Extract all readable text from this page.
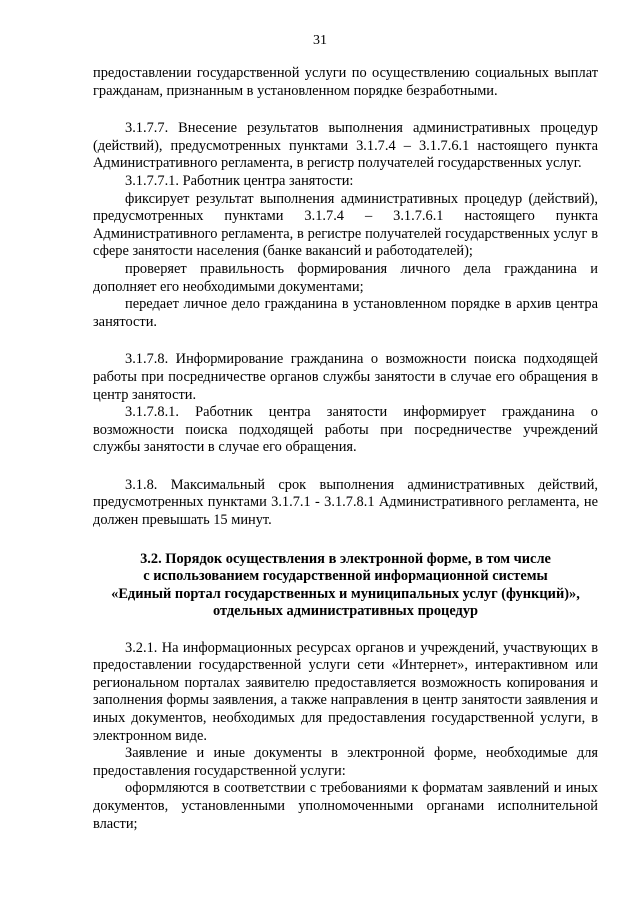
31

предоставлении государственной услуги по осуществлению социальных выплат гражданам, признанным в установленном порядке безработными.

3.1.7.7. Внесение результатов выполнения административных процедур (действий), предусмотренных пунктами 3.1.7.4 – 3.1.7.6.1 настоящего пункта Административного регламента, в регистр получателей государственных услуг.

3.1.7.7.1. Работник центра занятости:

фиксирует результат выполнения административных процедур (действий), предусмотренных пунктами 3.1.7.4 – 3.1.7.6.1 настоящего пункта Административного регламента, в регистре получателей государственных услуг в сфере занятости населения (банке вакансий и работодателей);

проверяет правильность формирования личного дела гражданина и дополняет его необходимыми документами;

передает личное дело гражданина в установленном порядке в архив центра занятости.

3.1.7.8. Информирование гражданина о возможности поиска подходящей работы при посредничестве органов службы занятости в случае его обращения в центр занятости.

3.1.7.8.1. Работник центра занятости информирует гражданина о возможности поиска подходящей работы при посредничестве учреждений службы занятости в случае его обращения.

3.1.8. Максимальный срок выполнения административных действий, предусмотренных пунктами 3.1.7.1 - 3.1.7.8.1 Административного регламента, не должен превышать 15 минут.

3.2. Порядок осуществления в электронной форме, в том числе
с использованием государственной информационной системы
«Единый портал государственных и муниципальных услуг (функций)»,
отдельных административных процедур

3.2.1. На информационных ресурсах органов и учреждений, участвующих в предоставлении государственной услуги сети «Интернет», интерактивном или региональном порталах заявителю предоставляется возможность копирования и заполнения формы заявления, а также направления в центр занятости заявления и иных документов, необходимых для предоставления государственной услуги, в электронном виде.

Заявление и иные документы в электронной форме, необходимые для предоставления государственной услуги:

оформляются в соответствии с требованиями к форматам заявлений и иных документов, установленными уполномоченными органами исполнительной власти;
